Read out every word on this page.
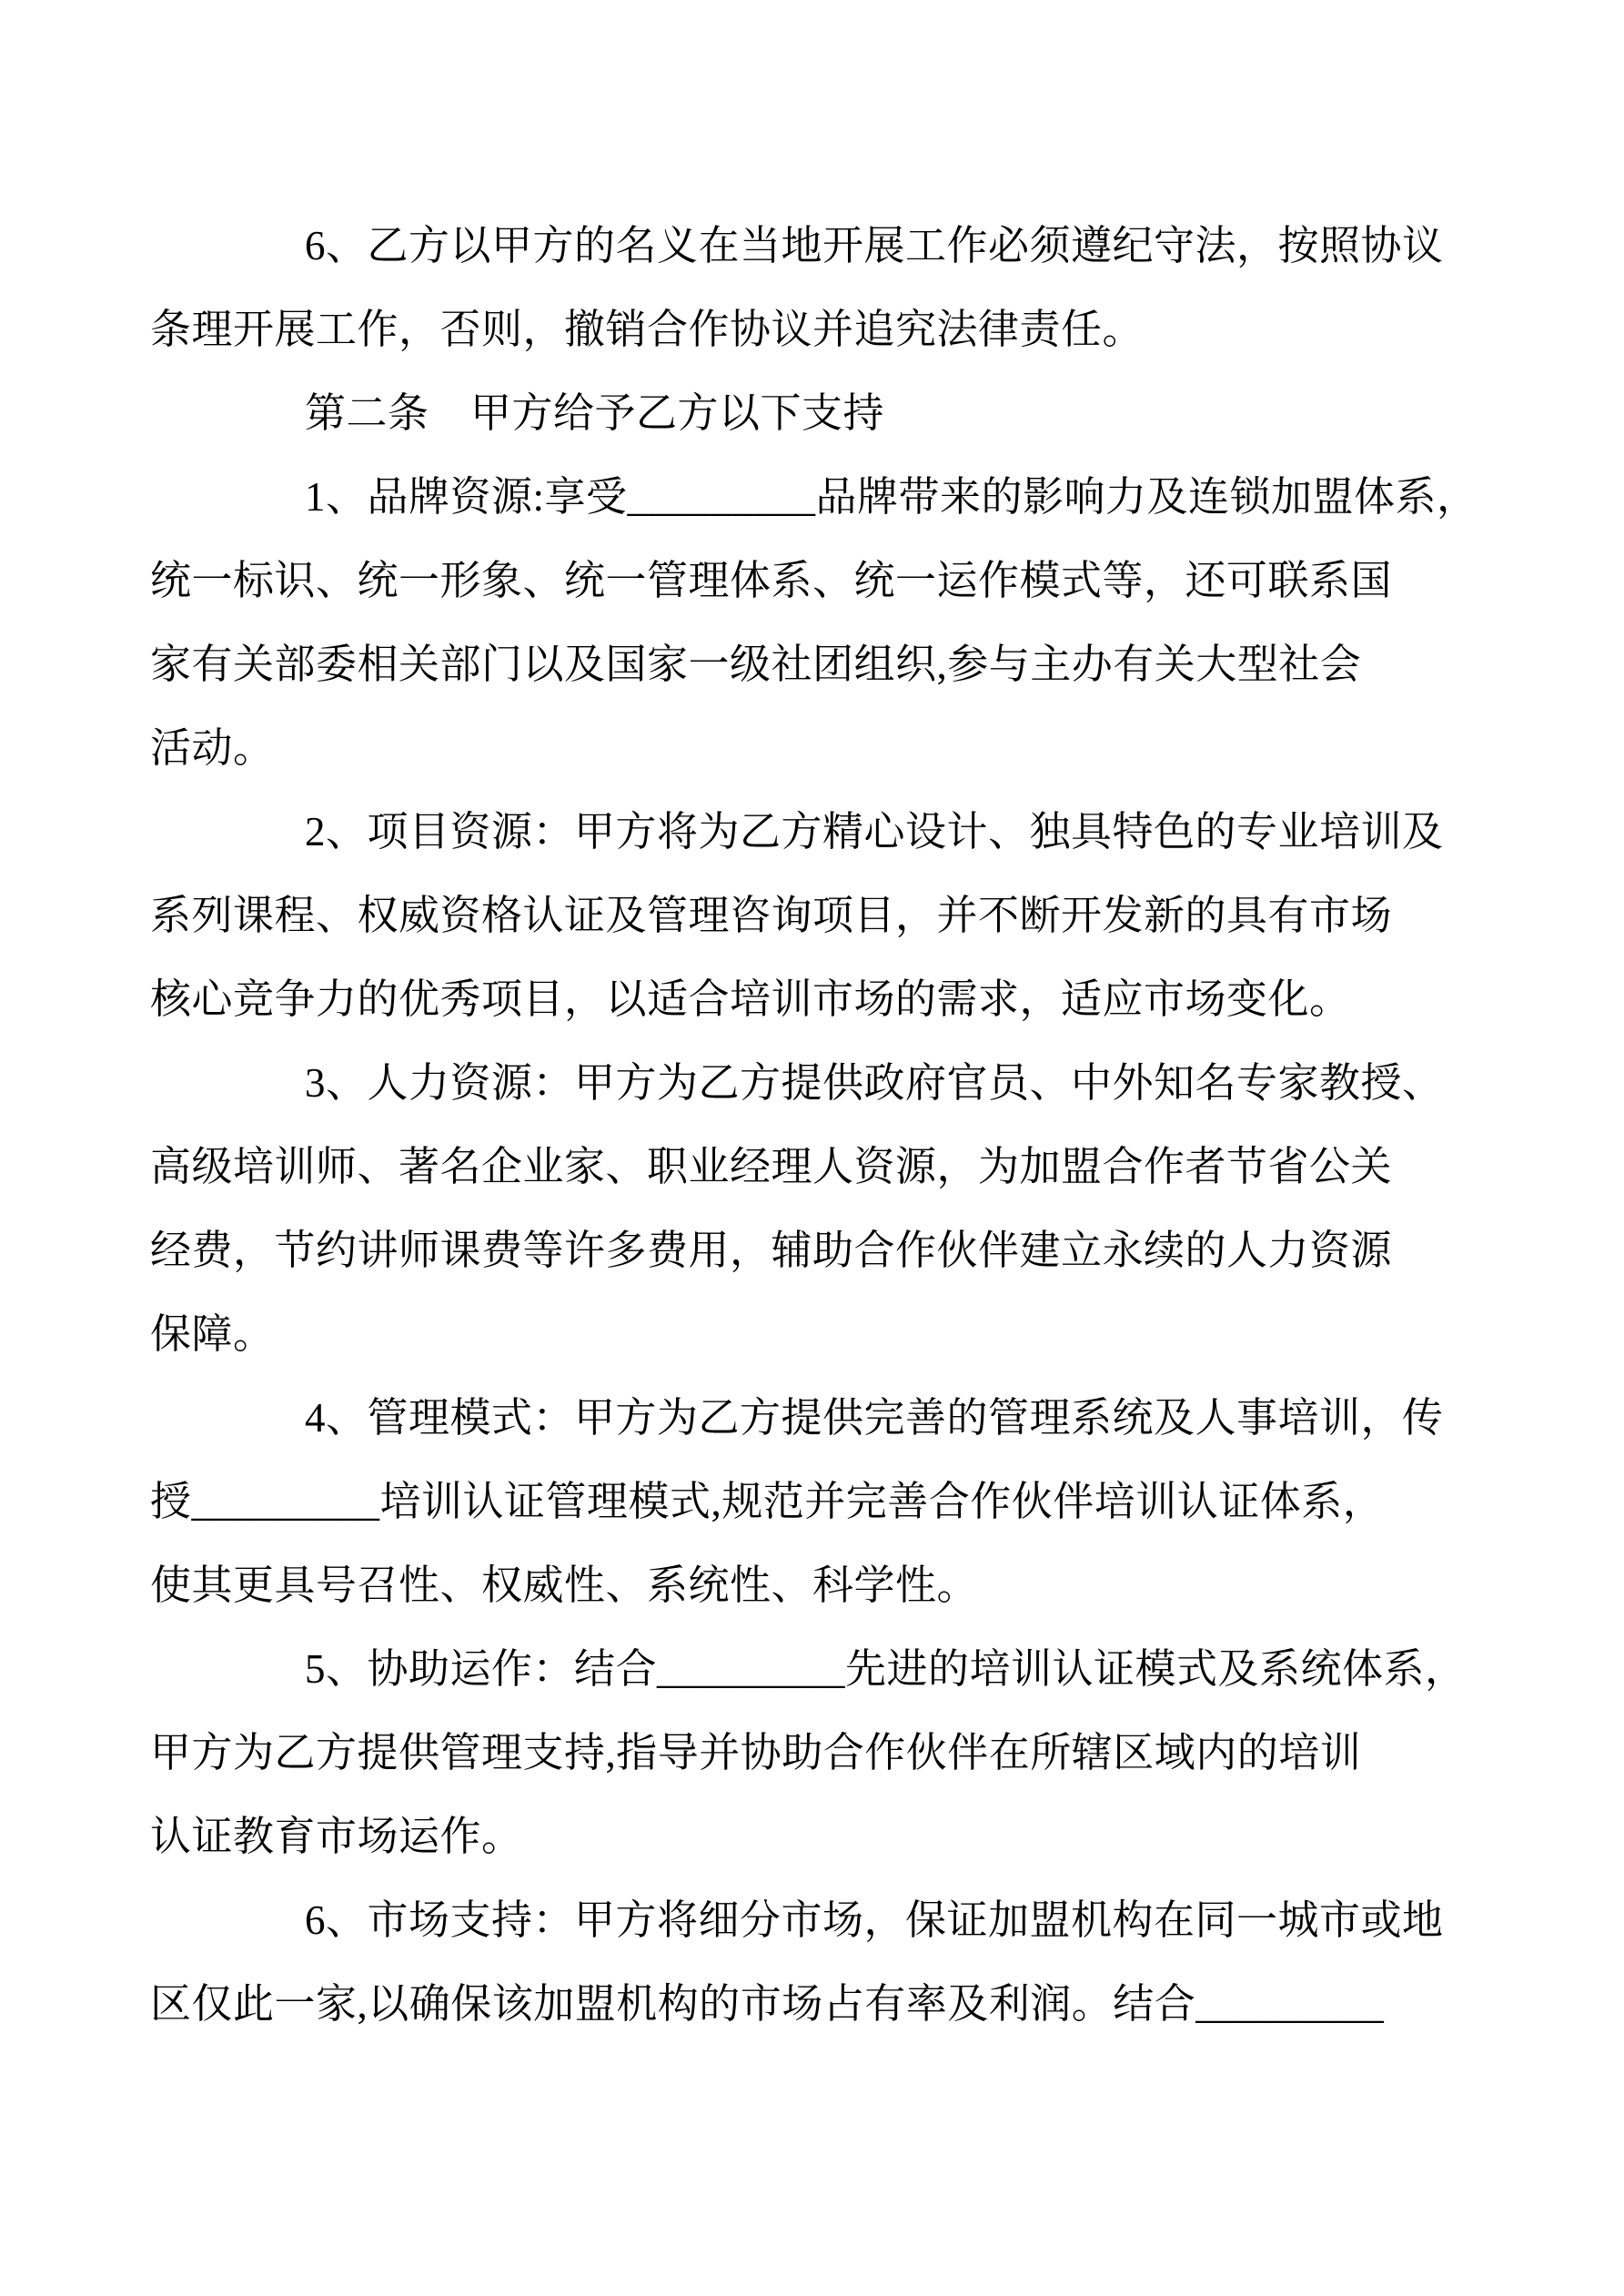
6、乙方以甲方的名义在当地开展工作必须遵纪守法，按照协议
条理开展工作，否则，撤销合作协议并追究法律责任。
第二条　甲方给予乙方以下支持
1、品牌资源:享受_________品牌带来的影响力及连锁加盟体系，
统一标识、统一形象、统一管理体系、统一运作模式等，还可联系国
家有关部委相关部门以及国家一级社团组织,参与主办有关大型社会
活动。
2、项目资源：甲方将为乙方精心设计、独具特色的专业培训及
系列课程、权威资格认证及管理咨询项目，并不断开发新的具有市场
核心竞争力的优秀项目，以适合培训市场的需求，适应市场变化。
3、人力资源：甲方为乙方提供政府官员、中外知名专家教授、
高级培训师、著名企业家、职业经理人资源，为加盟合作者节省公关
经费，节约讲师课费等许多费用，辅助合作伙伴建立永续的人力资源
保障。
4、管理模式：甲方为乙方提供完善的管理系统及人事培训，传
授_________培训认证管理模式,规范并完善合作伙伴培训认证体系，
使其更具号召性、权威性、系统性、科学性。
5、协助运作：结合_________先进的培训认证模式及系统体系，
甲方为乙方提供管理支持,指导并协助合作伙伴在所辖区域内的培训
认证教育市场运作。
6、市场支持：甲方将细分市场，保证加盟机构在同一城市或地
区仅此一家,以确保该加盟机构的市场占有率及利润。结合_________
